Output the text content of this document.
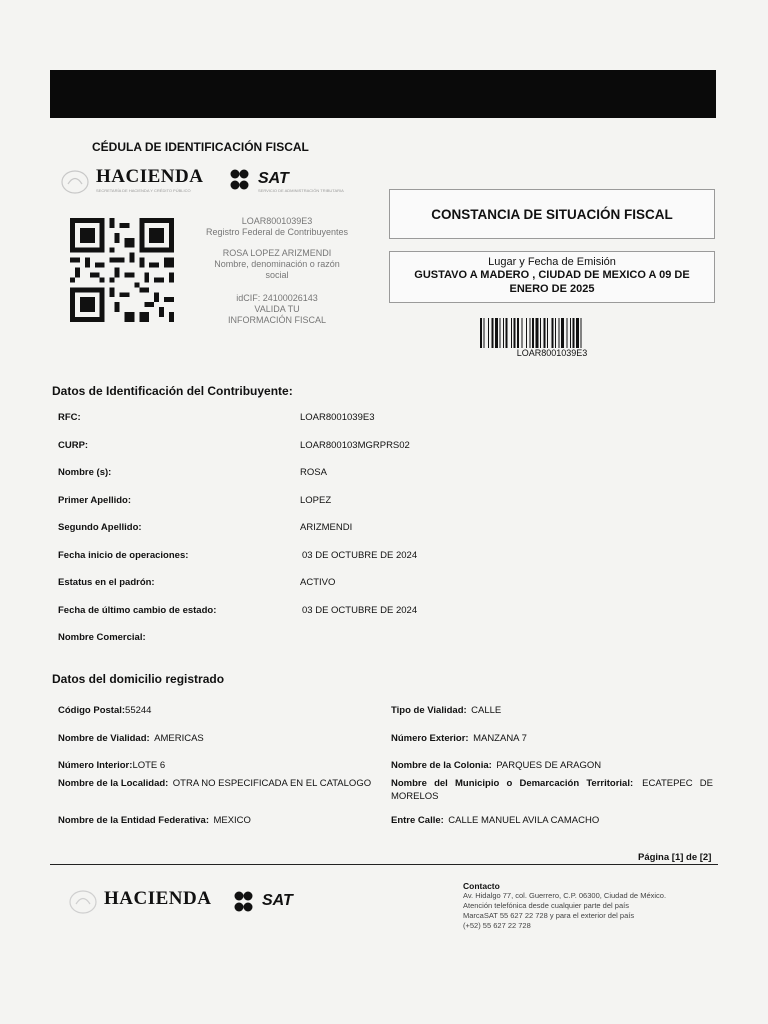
CÉDULA DE IDENTIFICACIÓN FISCAL
HACIENDA
SECRETARÍA DE HACIENDA Y CRÉDITO PÚBLICO
SAT
SERVICIO DE ADMINISTRACIÓN TRIBUTARIA
LOAR8001039E3
Registro Federal de Contribuyentes
ROSA LOPEZ ARIZMENDI
Nombre, denominación o razón social
idCIF: 24100026143
VALIDA TU INFORMACIÓN FISCAL
CONSTANCIA DE SITUACIÓN FISCAL
Lugar y Fecha de Emisión
GUSTAVO A MADERO , CIUDAD DE MEXICO A 09 DE ENERO DE 2025
LOAR8001039E3
Datos de Identificación del Contribuyente:
RFC:	LOAR8001039E3
CURP:	LOAR800103MGRPRS02
Nombre (s):	ROSA
Primer Apellido:	LOPEZ
Segundo Apellido:	ARIZMENDI
Fecha inicio de operaciones:	03 DE OCTUBRE DE 2024
Estatus en el padrón:	ACTIVO
Fecha de último cambio de estado:	03 DE OCTUBRE DE 2024
Nombre Comercial:
Datos del domicilio registrado
Código Postal:55244	Tipo de Vialidad: CALLE
Nombre de Vialidad: AMERICAS	Número Exterior: MANZANA 7
Número Interior:LOTE 6	Nombre de la Colonia: PARQUES DE ARAGON
Nombre de la Localidad: OTRA NO ESPECIFICADA EN EL CATALOGO	Nombre del Municipio o Demarcación Territorial: ECATEPEC DE MORELOS
Nombre de la Entidad Federativa: MEXICO	Entre Calle: CALLE MANUEL AVILA CAMACHO
Página [1] de [2]
HACIENDA	SAT
Contacto
Av. Hidalgo 77, col. Guerrero, C.P. 06300, Ciudad de México.
Atención telefónica desde cualquier parte del país
MarcaSAT 55 627 22 728 y para el exterior del país
(+52) 55 627 22 728
